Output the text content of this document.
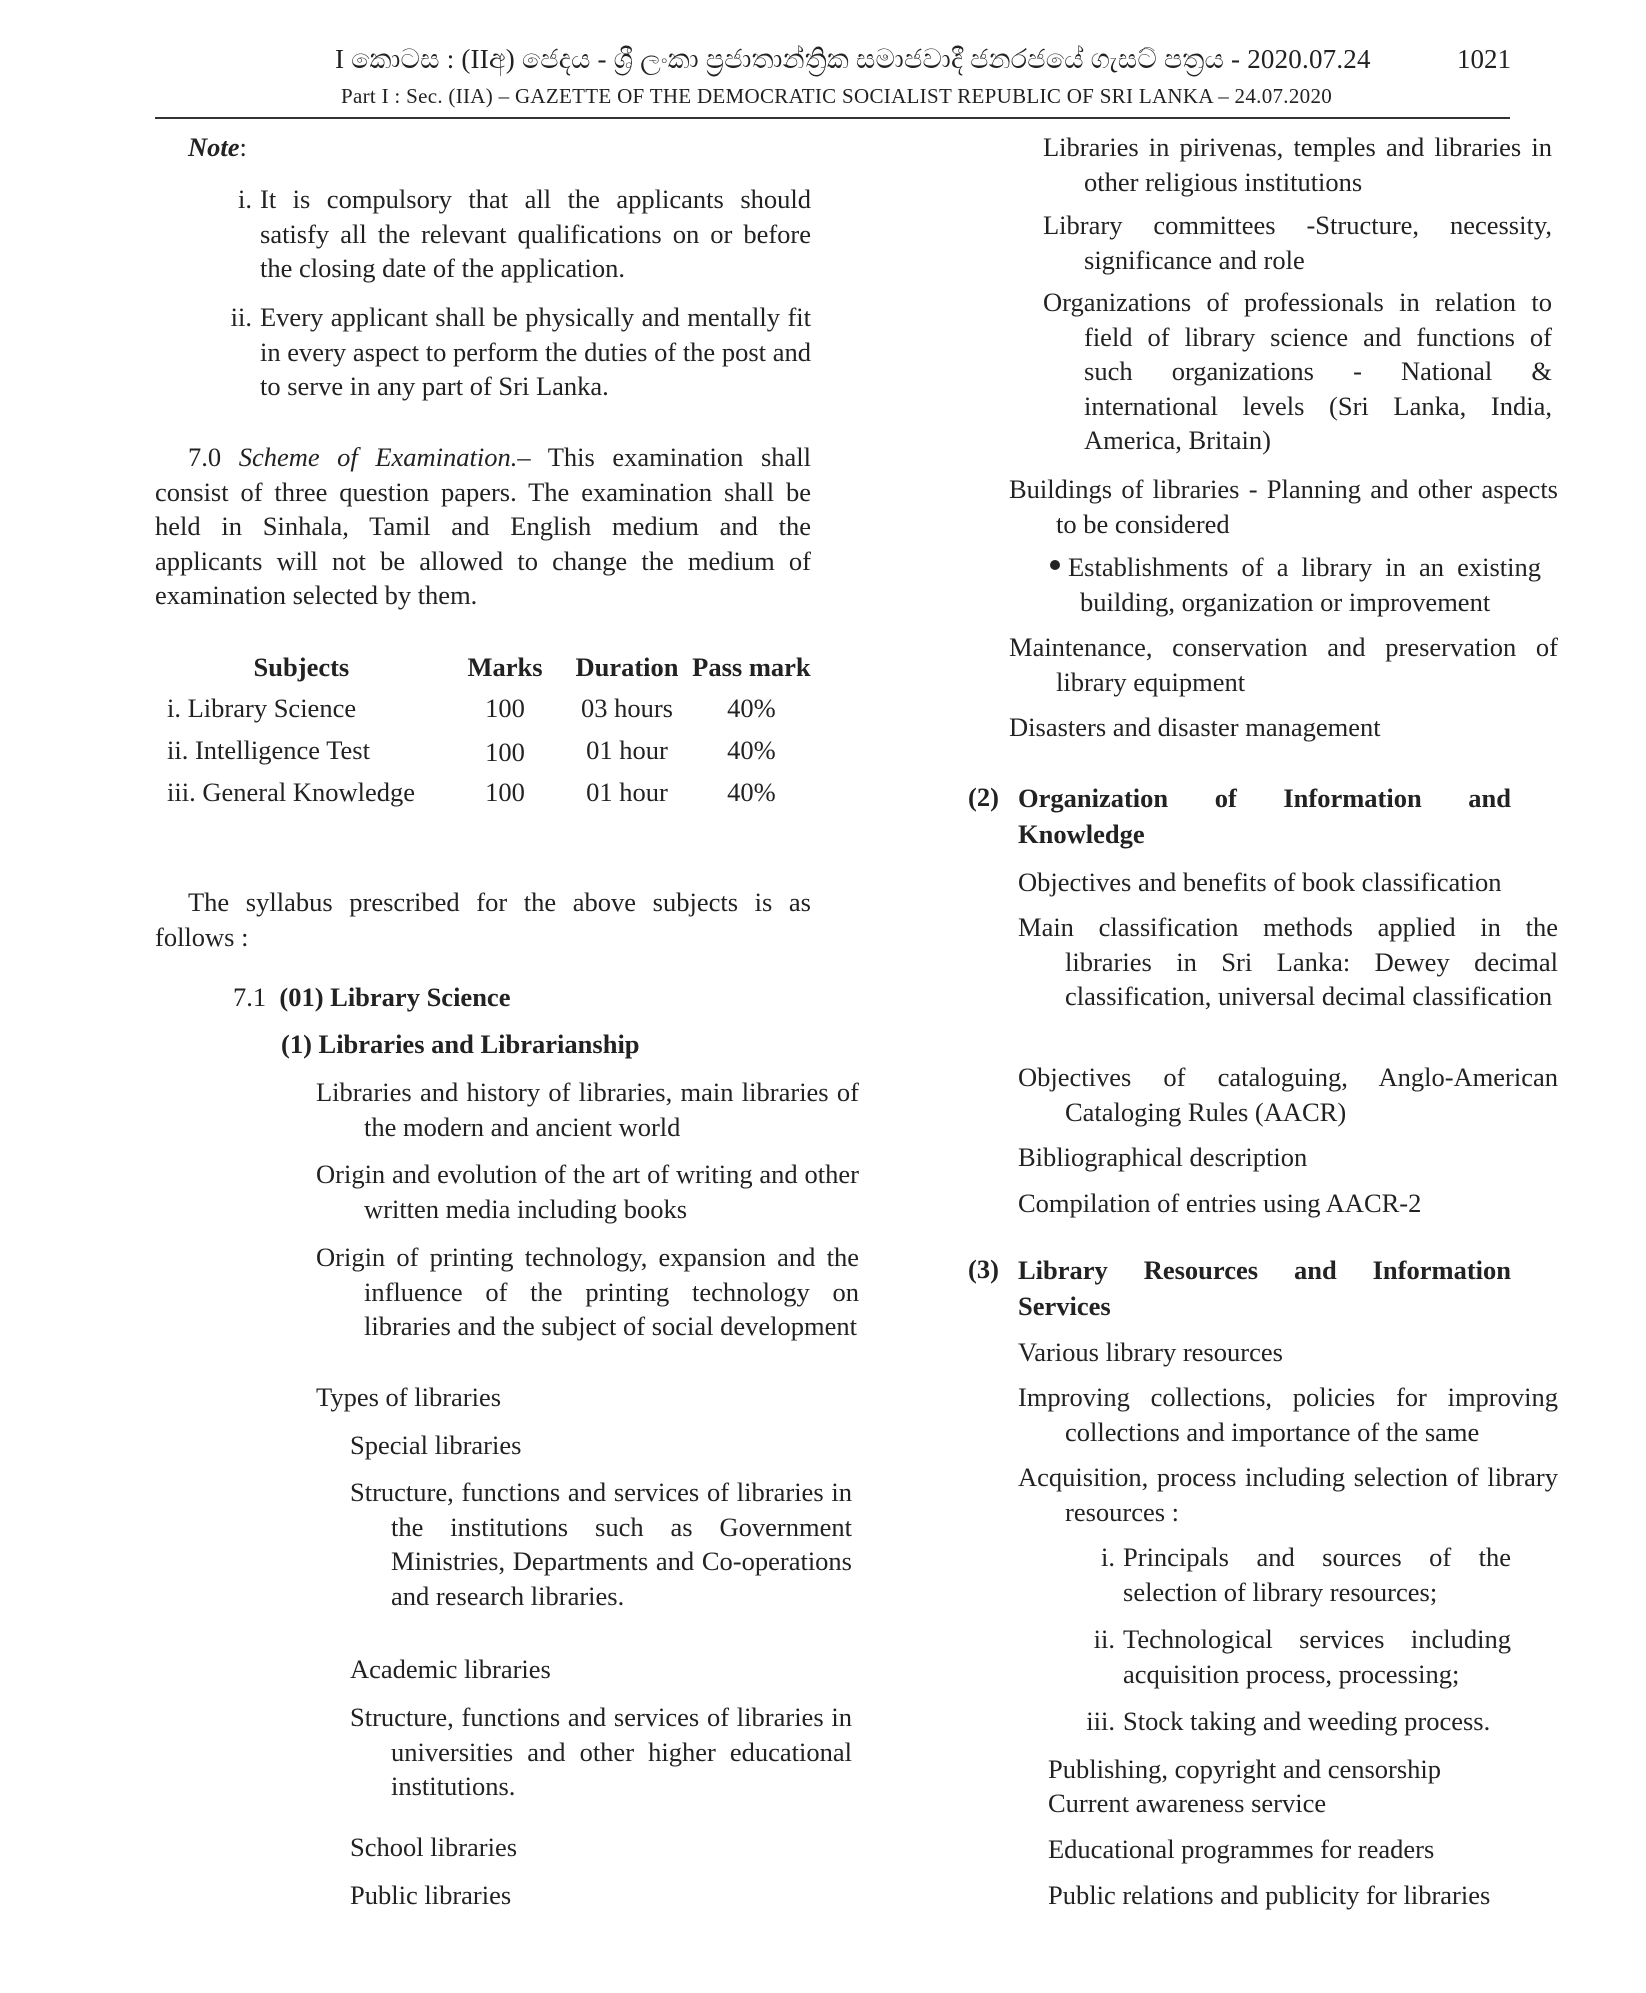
I කොටස : (IIඅ) ජෙදය - ශ්‍රී ලංකා ප්‍රජාතාන්ත්‍රික සමාජවාදී ජනරජයේ ගැසට් පත්‍රය - 2020.07.24	1021
Part I : Sec. (IIA) – GAZETTE OF THE DEMOCRATIC SOCIALIST REPUBLIC OF SRI LANKA – 24.07.2020
Note:
i. It is compulsory that all the applicants should satisfy all the relevant qualifications on or before the closing date of the application.
ii. Every applicant shall be physically and mentally fit in every aspect to perform the duties of the post and to serve in any part of Sri Lanka.
7.0 Scheme of Examination.– This examination shall consist of three question papers. The examination shall be held in Sinhala, Tamil and English medium and the applicants will not be allowed to change the medium of examination selected by them.
Subjects	Marks	Duration	Pass mark
i. Library Science	100	03 hours	40%
ii. Intelligence Test	100	01 hour	40%
iii. General Knowledge	100	01 hour	40%
The syllabus prescribed for the above subjects is as follows :
7.1 (01) Library Science
(1) Libraries and Librarianship
Libraries and history of libraries, main libraries of the modern and ancient world
Origin and evolution of the art of writing and other written media including books
Origin of printing technology, expansion and the influence of the printing technology on libraries and the subject of social development
Types of libraries
Special libraries
Structure, functions and services of libraries in the institutions such as Government Ministries, Departments and Co-operations and research libraries.
Academic libraries
Structure, functions and services of libraries in universities and other higher educational institutions.
School libraries
Public libraries
Libraries in pirivenas, temples and libraries in other religious institutions
Library committees -Structure, necessity, significance and role
Organizations of professionals in relation to field of library science and functions of such organizations - National & international levels (Sri Lanka, India, America, Britain)
Buildings of libraries - Planning and other aspects to be considered
Establishments of a library in an existing building, organization or improvement
Maintenance, conservation and preservation of library equipment
Disasters and disaster management
(2) Organization of Information and Knowledge
Objectives and benefits of book classification
Main classification methods applied in the libraries in Sri Lanka: Dewey decimal classification, universal decimal classification
Objectives of cataloguing, Anglo-American Cataloging Rules (AACR)
Bibliographical description
Compilation of entries using AACR-2
(3) Library Resources and Information Services
Various library resources
Improving collections, policies for improving collections and importance of the same
Acquisition, process including selection of library resources :
i. Principals and sources of the selection of library resources;
ii. Technological services including acquisition process, processing;
iii. Stock taking and weeding process.
Publishing, copyright and censorship
Current awareness service
Educational programmes for readers
Public relations and publicity for libraries
